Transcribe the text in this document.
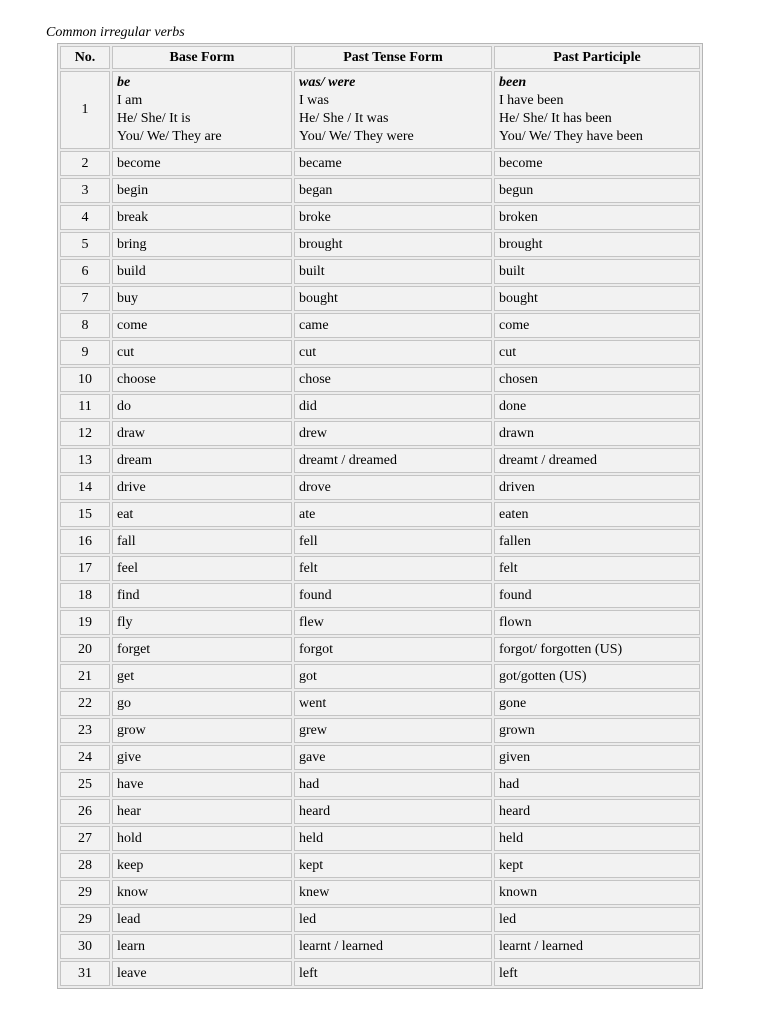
Common irregular verbs
No.	Base Form	Past Tense Form	Past Participle
1	be
I am
He/ She/ It is
You/ We/ They are	was/ were
I was
He/ She / It was
You/ We/ They were	been
I have been
He/ She/ It has been
You/ We/ They have been

2	become	became	become
3	begin	began	begun
4	break	broke	broken
5	bring	brought	brought
6	build	built	built
7	buy	bought	bought
8	come	came	come
9	cut	cut	cut
10	choose	chose	chosen
11	do	did	done
12	draw	drew	drawn
13	dream	dreamt / dreamed	dreamt / dreamed
14	drive	drove	driven
15	eat	ate	eaten
16	fall	fell	fallen
17	feel	felt	felt
18	find	found	found
19	fly	flew	flown
20	forget	forgot	forgot/ forgotten (US)
21	get	got	got/gotten (US)
22	go	went	gone
23	grow	grew	grown
24	give	gave	given
25	have	had	had
26	hear	heard	heard
27	hold	held	held
28	keep	kept	kept
29	know	knew	known
29	lead	led	led
30	learn	learnt / learned	learnt / learned
31	leave	left	left
